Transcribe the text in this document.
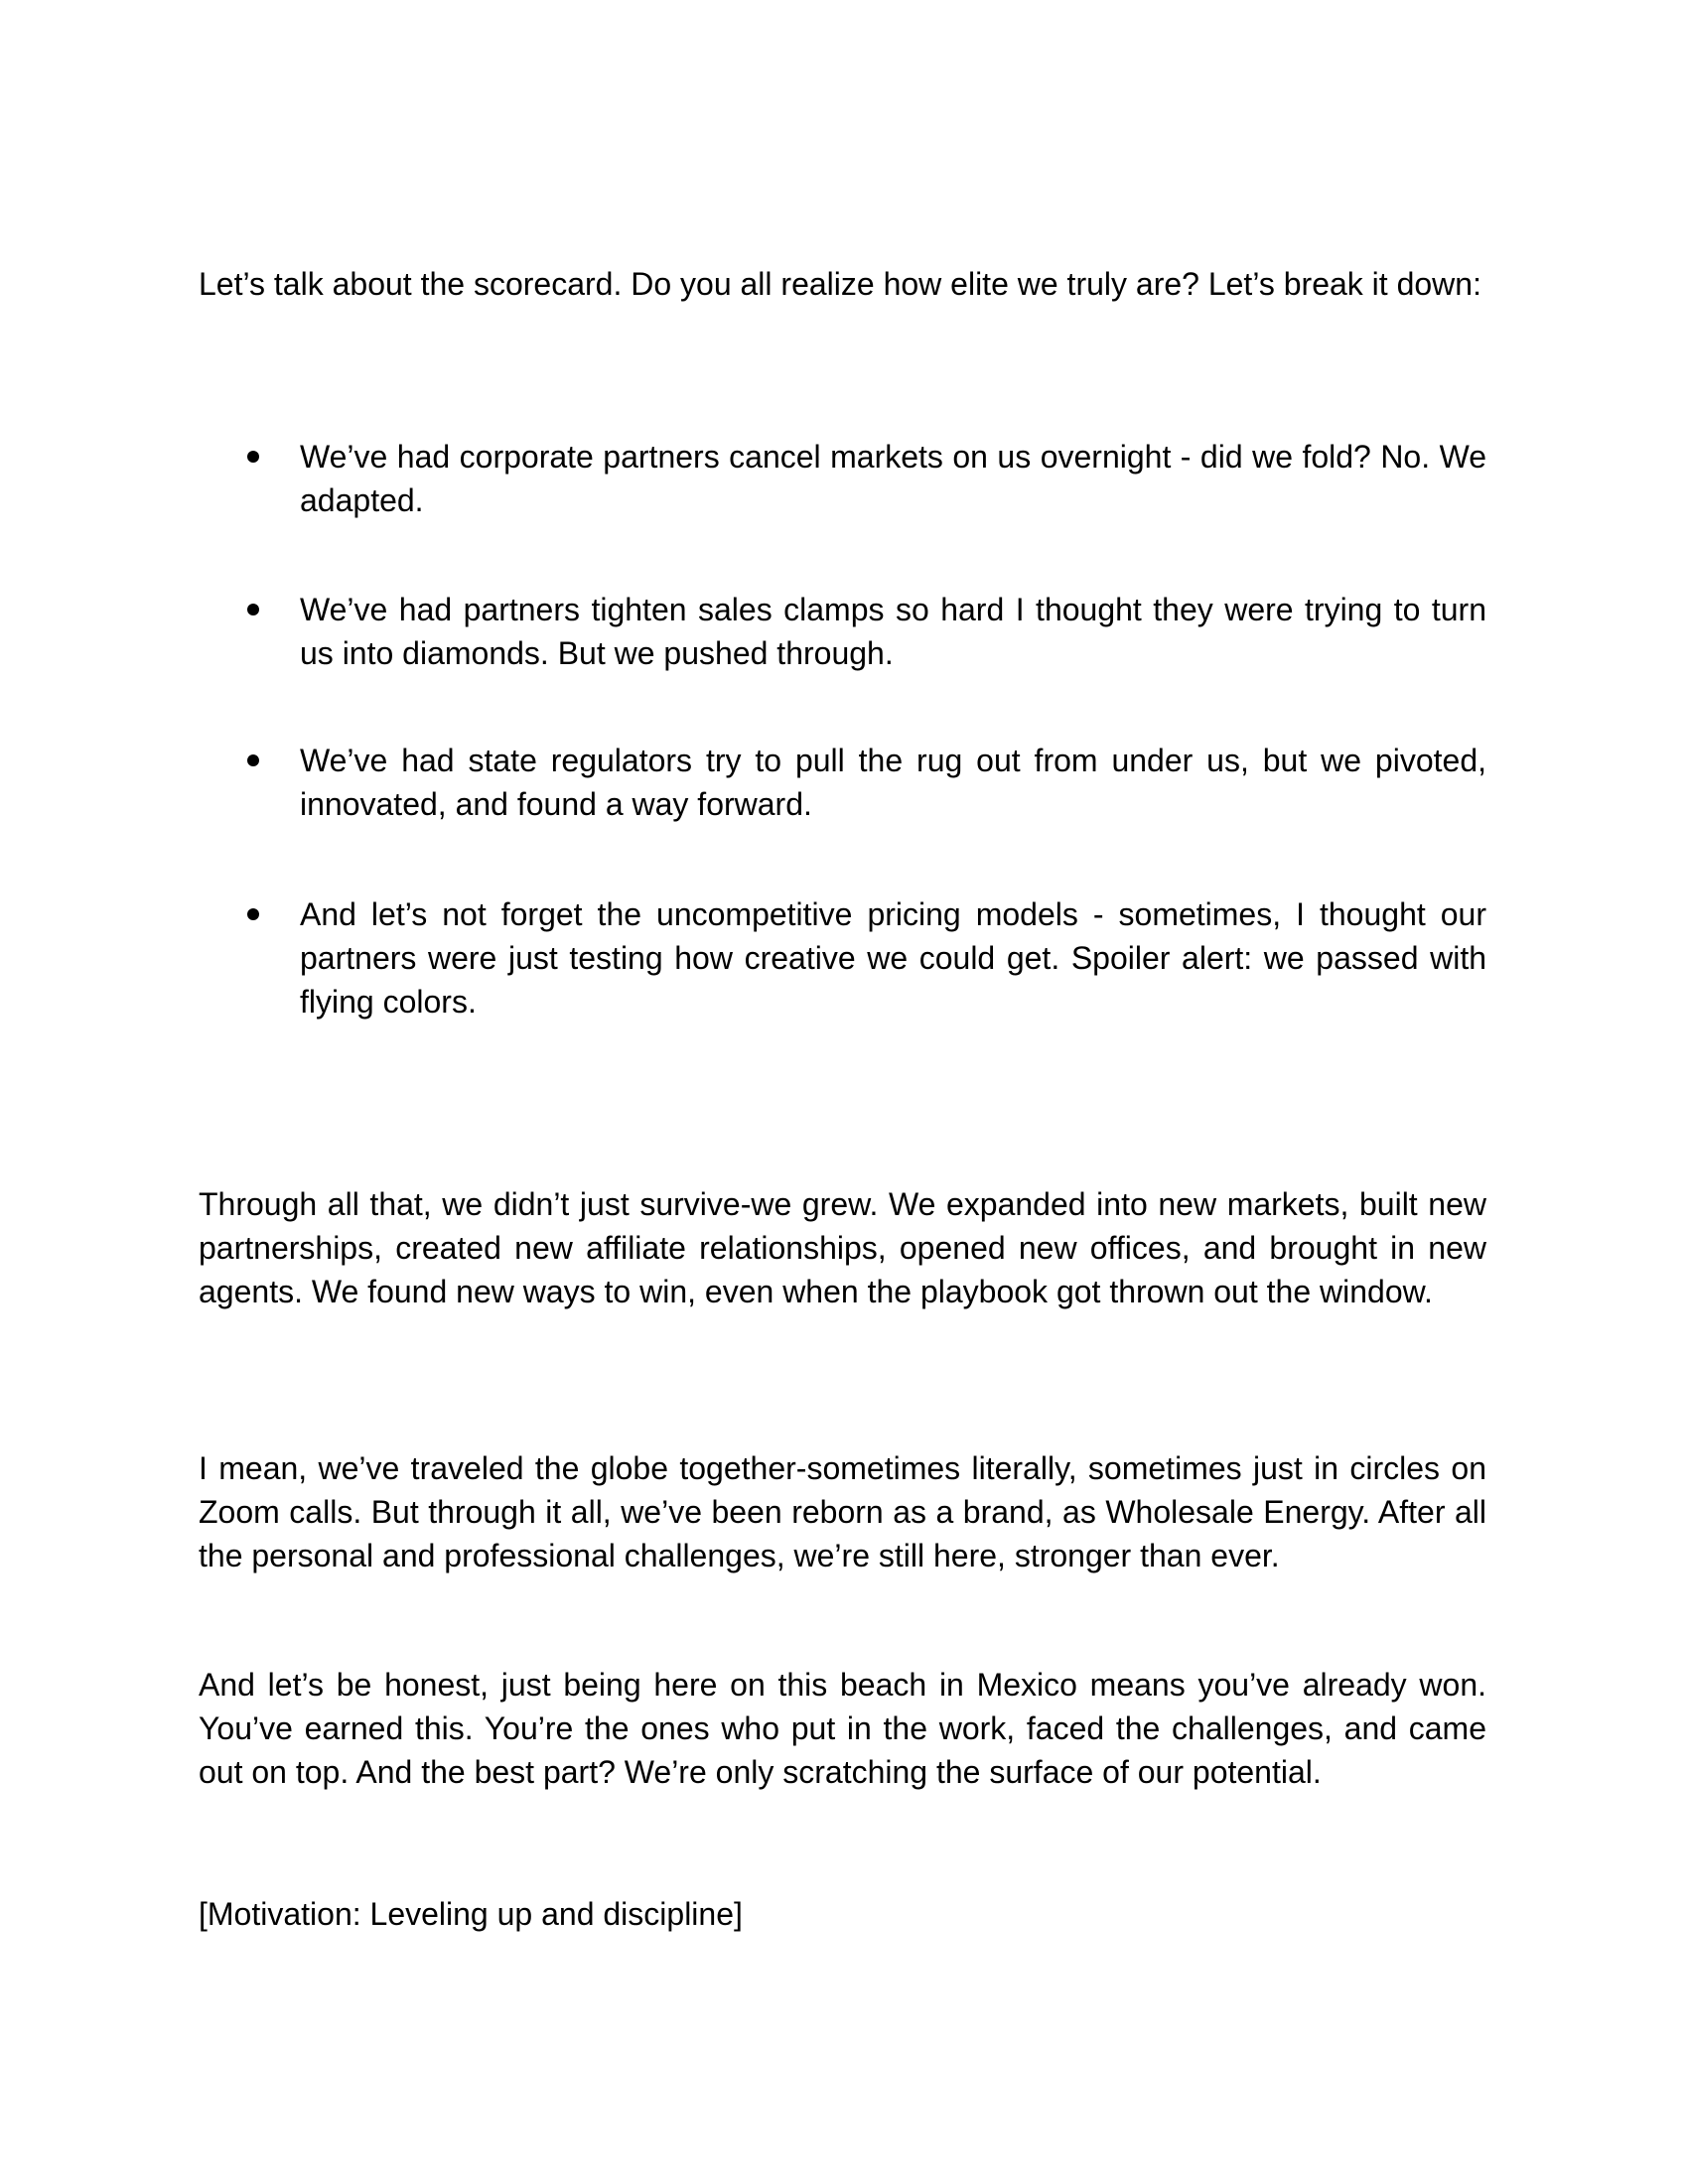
Let’s talk about the scorecard. Do you all realize how elite we truly are? Let’s break it down:

We’ve had corporate partners cancel markets on us overnight - did we fold? No. We adapted.

We’ve had partners tighten sales clamps so hard I thought they were trying to turn us into diamonds. But we pushed through.

We’ve had state regulators try to pull the rug out from under us, but we pivoted, innovated, and found a way forward.

And let’s not forget the uncompetitive pricing models - sometimes, I thought our partners were just testing how creative we could get. Spoiler alert: we passed with flying colors.

Through all that, we didn’t just survive-we grew. We expanded into new markets, built new partnerships, created new affiliate relationships, opened new offices, and brought in new agents. We found new ways to win, even when the playbook got thrown out the window.

I mean, we’ve traveled the globe together-sometimes literally, sometimes just in circles on Zoom calls. But through it all, we’ve been reborn as a brand, as Wholesale Energy. After all the personal and professional challenges, we’re still here, stronger than ever.

And let’s be honest, just being here on this beach in Mexico means you’ve already won. You’ve earned this. You’re the ones who put in the work, faced the challenges, and came out on top. And the best part? We’re only scratching the surface of our potential.

[Motivation: Leveling up and discipline]
